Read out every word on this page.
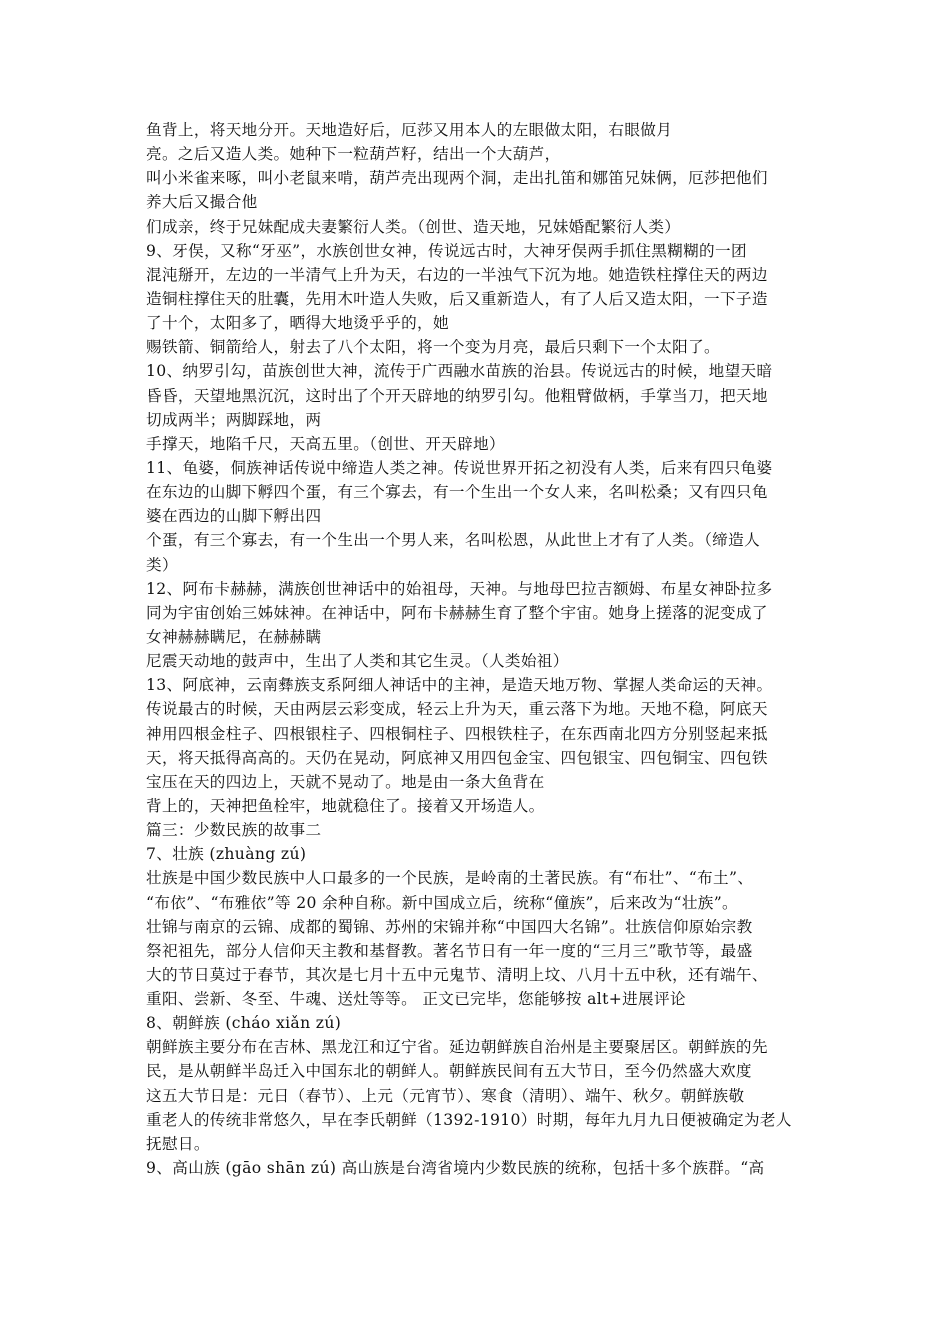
鱼背上，将天地分开。天地造好后，厄莎又用本人的左眼做太阳，右眼做月
亮。之后又造人类。她种下一粒葫芦籽，结出一个大葫芦，
叫小米雀来啄，叫小老鼠来啃，葫芦壳出现两个洞，走出扎笛和娜笛兄妹俩，厄莎把他们
养大后又撮合他
们成亲，终于兄妹配成夫妻繁衍人类。（创世、造天地，兄妹婚配繁衍人类）
9、牙俣，又称“牙巫”，水族创世女神，传说远古时，大神牙俣两手抓住黑糊糊的一团
混沌掰开，左边的一半清气上升为天，右边的一半浊气下沉为地。她造铁柱撑住天的两边
造铜柱撑住天的肚囊，先用木叶造人失败，后又重新造人，有了人后又造太阳，一下子造
了十个，太阳多了，晒得大地烫乎乎的，她
赐铁箭、铜箭给人，射去了八个太阳，将一个变为月亮，最后只剩下一个太阳了。
10、纳罗引勾，苗族创世大神，流传于广西融水苗族的治县。传说远古的时候，地望天暗
昏昏，天望地黑沉沉，这时出了个开天辟地的纳罗引勾。他粗臂做柄，手掌当刀，把天地
切成两半；两脚踩地，两
手撑天，地陷千尺，天高五里。（创世、开天辟地）
11、龟婆，侗族神话传说中缔造人类之神。传说世界开拓之初没有人类，后来有四只龟婆
在东边的山脚下孵四个蛋，有三个寡去，有一个生出一个女人来，名叫松桑；又有四只龟
婆在西边的山脚下孵出四
个蛋，有三个寡去，有一个生出一个男人来，名叫松恩，从此世上才有了人类。（缔造人
类）
12、阿布卡赫赫，满族创世神话中的始祖母，天神。与地母巴拉吉额姆、布星女神卧拉多
同为宇宙创始三姊妹神。在神话中，阿布卡赫赫生育了整个宇宙。她身上搓落的泥变成了
女神赫赫瞒尼，在赫赫瞒
尼震天动地的鼓声中，生出了人类和其它生灵。（人类始祖）
13、阿底神，云南彝族支系阿细人神话中的主神，是造天地万物、掌握人类命运的天神。
传说最古的时候，天由两层云彩变成，轻云上升为天，重云落下为地。天地不稳，阿底天
神用四根金柱子、四根银柱子、四根铜柱子、四根铁柱子，在东西南北四方分别竖起来抵
天，将天抵得高高的。天仍在晃动，阿底神又用四包金宝、四包银宝、四包铜宝、四包铁
宝压在天的四边上，天就不晃动了。地是由一条大鱼背在
背上的，天神把鱼栓牢，地就稳住了。接着又开场造人。
篇三：少数民族的故事二
7、壮族 (zhuàng zú)
壮族是中国少数民族中人口最多的一个民族，是岭南的土著民族。有“布壮”、“布土”、
“布依”、“布雅依”等 20 余种自称。新中国成立后，统称“僮族”，后来改为“壮族”。
壮锦与南京的云锦、成都的蜀锦、苏州的宋锦并称“中国四大名锦”。壮族信仰原始宗教
祭祀祖先，部分人信仰天主教和基督教。著名节日有一年一度的“三月三”歌节等，最盛
大的节日莫过于春节，其次是七月十五中元鬼节、清明上坟、八月十五中秋，还有端午、
重阳、尝新、冬至、牛魂、送灶等等。 正文已完毕，您能够按 alt+进展评论
8、朝鲜族 (cháo xiǎn zú)
朝鲜族主要分布在吉林、黑龙江和辽宁省。延边朝鲜族自治州是主要聚居区。朝鲜族的先
民，是从朝鲜半岛迁入中国东北的朝鲜人。朝鲜族民间有五大节日，至今仍然盛大欢度
这五大节日是：元日（春节）、上元（元宵节）、寒食（清明）、端午、秋夕。朝鲜族敬
重老人的传统非常悠久，早在李氏朝鲜（1392-1910）时期，每年九月九日便被确定为老人
抚慰日。
9、高山族 (gāo shān zú) 高山族是台湾省境内少数民族的统称，包括十多个族群。“高
